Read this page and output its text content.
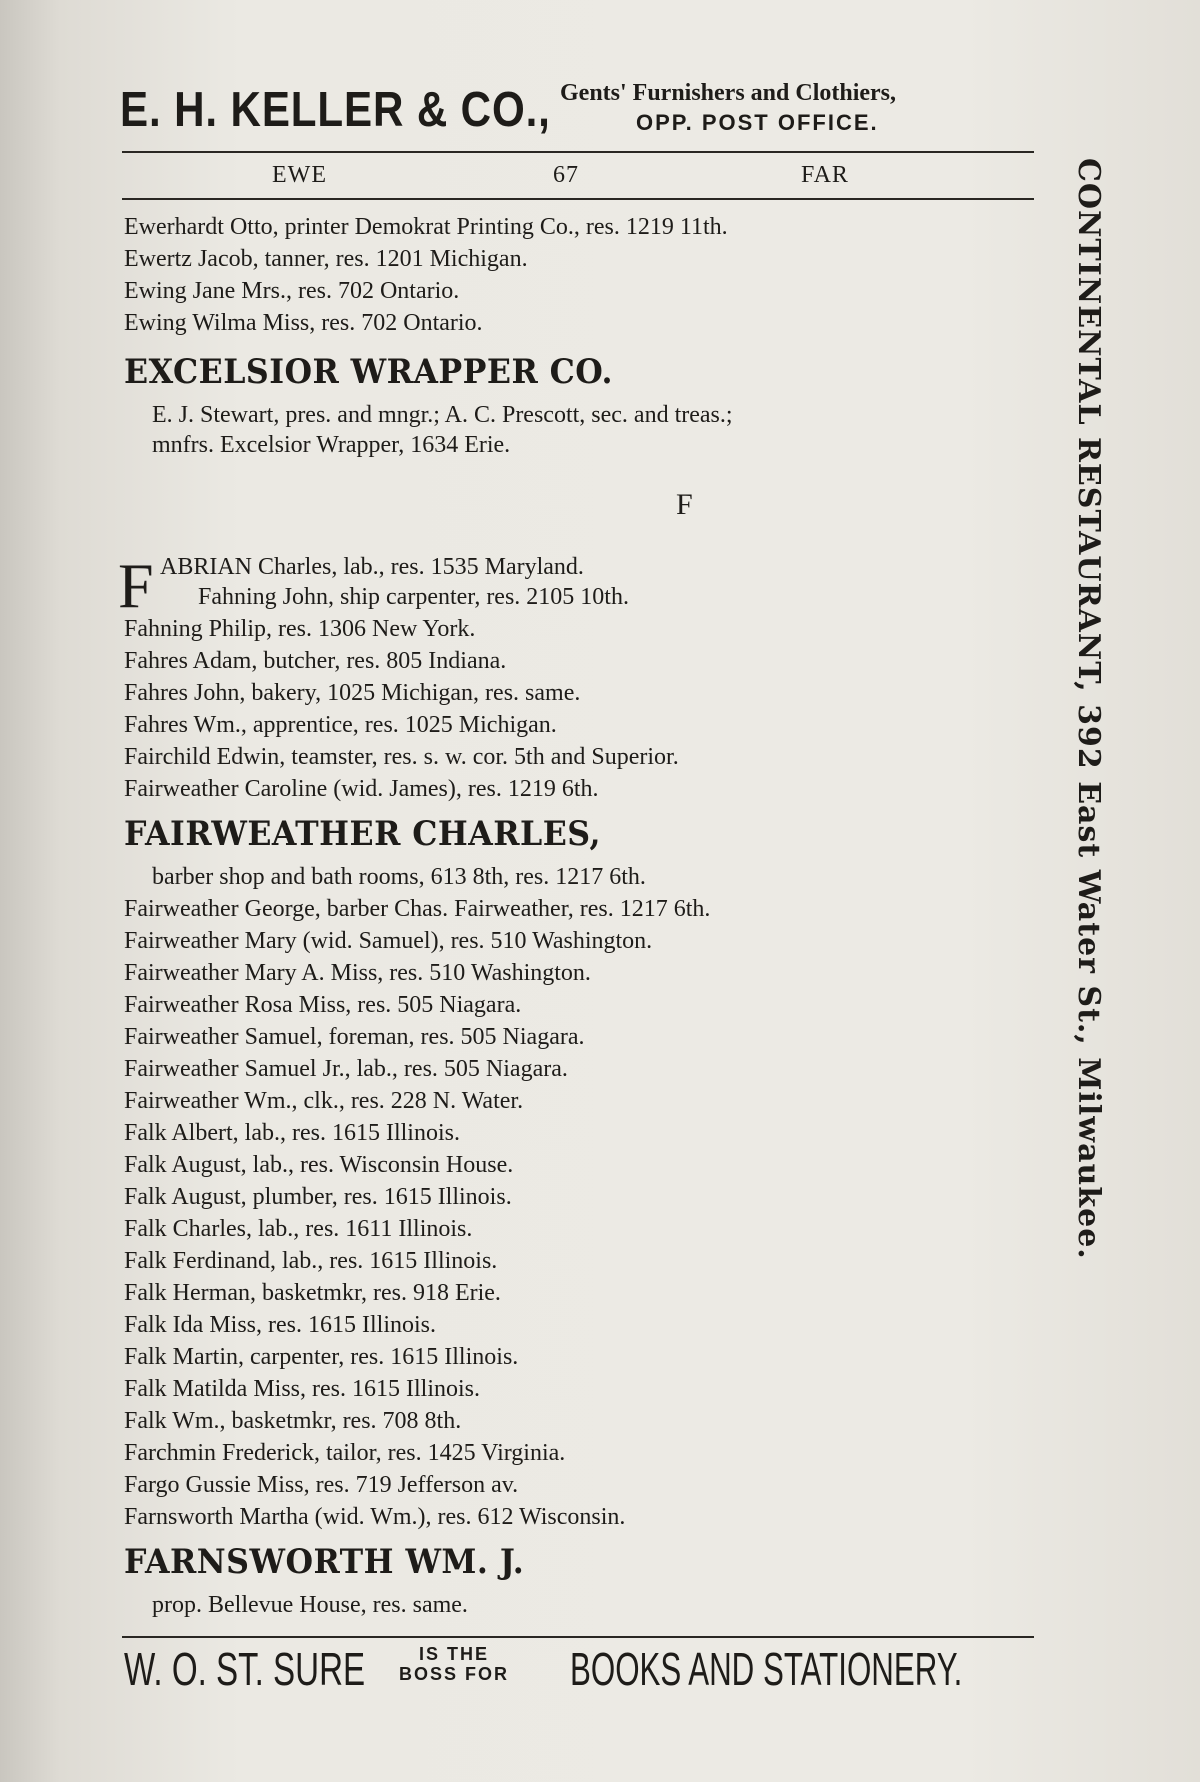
E. H. KELLER & CO., Gents' Furnishers and Clothiers,
OPP. POST OFFICE.
EWE	67	FAR
Ewerhardt Otto, printer Demokrat Printing Co., res. 1219 11th.
Ewertz Jacob, tanner, res. 1201 Michigan.
Ewing Jane Mrs., res. 702 Ontario.
Ewing Wilma Miss, res. 702 Ontario.
EXCELSIOR WRAPPER CO.
E. J. Stewart, pres. and mngr.; A. C. Prescott, sec. and treas.;
mnfrs. Excelsior Wrapper, 1634 Erie.
F
F ABRIAN Charles, lab., res. 1535 Maryland.
Fahning John, ship carpenter, res. 2105 10th.
Fahning Philip, res. 1306 New York.
Fahres Adam, butcher, res. 805 Indiana.
Fahres John, bakery, 1025 Michigan, res. same.
Fahres Wm., apprentice, res. 1025 Michigan.
Fairchild Edwin, teamster, res. s. w. cor. 5th and Superior.
Fairweather Caroline (wid. James), res. 1219 6th.
FAIRWEATHER CHARLES,
barber shop and bath rooms, 613 8th, res. 1217 6th.
Fairweather George, barber Chas. Fairweather, res. 1217 6th.
Fairweather Mary (wid. Samuel), res. 510 Washington.
Fairweather Mary A. Miss, res. 510 Washington.
Fairweather Rosa Miss, res. 505 Niagara.
Fairweather Samuel, foreman, res. 505 Niagara.
Fairweather Samuel Jr., lab., res. 505 Niagara.
Fairweather Wm., clk., res. 228 N. Water.
Falk Albert, lab., res. 1615 Illinois.
Falk August, lab., res. Wisconsin House.
Falk August, plumber, res. 1615 Illinois.
Falk Charles, lab., res. 1611 Illinois.
Falk Ferdinand, lab., res. 1615 Illinois.
Falk Herman, basketmkr, res. 918 Erie.
Falk Ida Miss, res. 1615 Illinois.
Falk Martin, carpenter, res. 1615 Illinois.
Falk Matilda Miss, res. 1615 Illinois.
Falk Wm., basketmkr, res. 708 8th.
Farchmin Frederick, tailor, res. 1425 Virginia.
Fargo Gussie Miss, res. 719 Jefferson av.
Farnsworth Martha (wid. Wm.), res. 612 Wisconsin.
FARNSWORTH WM. J.
prop. Bellevue House, res. same.
W. O. ST. SURE	IS THE
BOSS FOR BOOKS AND STATIONERY.
CONTINENTAL RESTAURANT, 392 East Water St., Milwaukee.
